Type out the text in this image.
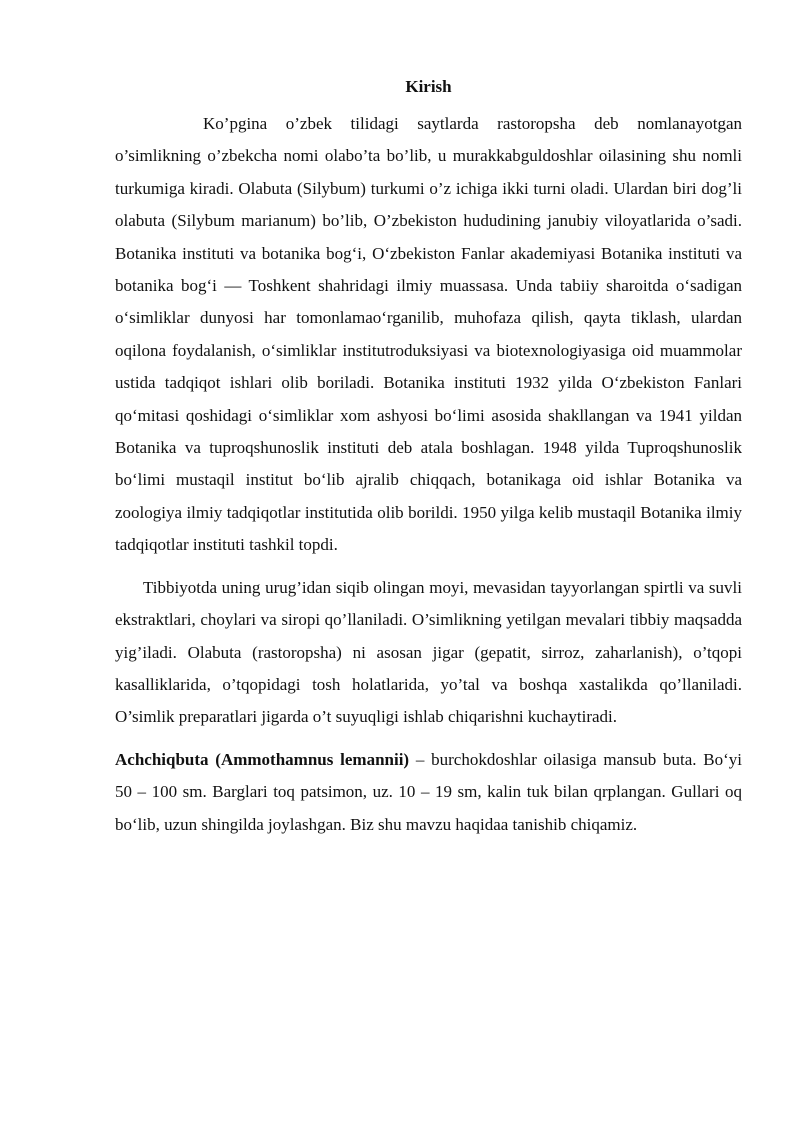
Kirish

Ko’pgina o’zbek tilidagi saytlarda rastoropsha deb nomlanayotgan o’simlikning o’zbekcha nomi olabo’ta bo’lib, u murakkabguldoshlar oilasining shu nomli turkumiga kiradi. Olabuta (Silybum) turkumi o’z ichiga ikki turni oladi. Ulardan biri dog’li olabuta (Silybum marianum) bo’lib, O’zbekiston hududining janubiy viloyatlarida o’sadi. Botanika instituti va botanika bog‘i, O‘zbekiston Fanlar akademiyasi Botanika instituti va botanika bog‘i — Toshkent shahridagi ilmiy muassasa. Unda tabiiy sharoitda o‘sadigan o‘simliklar dunyosi har tomonlamao‘rganilib, muhofaza qilish, qayta tiklash, ulardan oqilona foydalanish, o‘simliklar institutroduksiyasi va biotexnologiyasiga oid muammolar ustida tadqiqot ishlari olib boriladi. Botanika instituti 1932 yilda O‘zbekiston Fanlari qo‘mitasi qoshidagi o‘simliklar xom ashyosi bo‘limi asosida shakllangan va 1941 yildan Botanika va tuproqshunoslik instituti deb atala boshlagan. 1948 yilda Tuproqshunoslik bo‘limi mustaqil institut bo‘lib ajralib chiqqach, botanikaga oid ishlar Botanika va zoologiya ilmiy tadqiqotlar institutida olib borildi. 1950 yilga kelib mustaqil Botanika ilmiy tadqiqotlar instituti tashkil topdi.

Tibbiyotda uning urug’idan siqib olingan moyi, mevasidan tayyorlangan spirtli va suvli ekstraktlari, choylari va siropi qo’llaniladi. O’simlikning yetilgan mevalari tibbiy maqsadda yig’iladi. Olabuta (rastoropsha) ni asosan jigar (gepatit, sirroz, zaharlanish), o’tqopi kasalliklarida, o’tqopidagi tosh holatlarida, yo’tal va boshqa xastalikda qo’llaniladi. O’simlik preparatlari jigarda o’t suyuqligi ishlab chiqarishni kuchaytiradi.

Achchiqbuta (Ammothamnus lemannii) – burchokdoshlar oilasiga mansub buta. Bo‘yi 50 – 100 sm. Barglari toq patsimon, uz. 10 – 19 sm, kalin tuk bilan qrplangan. Gullari oq bo‘lib, uzun shingilda joylashgan. Biz shu mavzu haqidaa tanishib chiqamiz.
